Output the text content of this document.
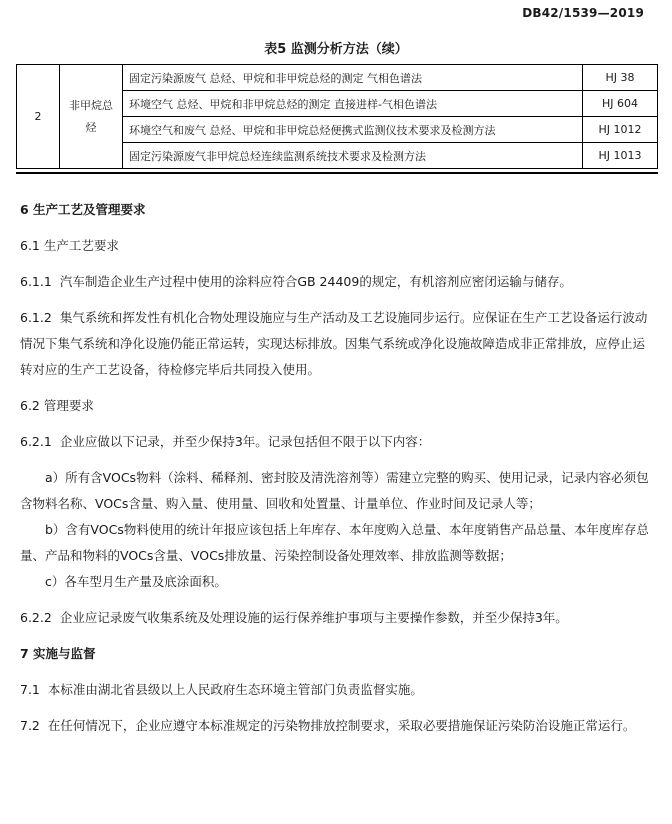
DB42/1539—2019
表5 监测分析方法（续）
2	非甲烷总烃	固定污染源废气 总烃、甲烷和非甲烷总烃的测定 气相色谱法	HJ 38
		环境空气 总烃、甲烷和非甲烷总烃的测定 直接进样-气相色谱法	HJ 604
		环境空气和废气 总烃、甲烷和非甲烷总烃便携式监测仪技术要求及检测方法	HJ 1012
		固定污染源废气非甲烷总烃连续监测系统技术要求及检测方法	HJ 1013

6 生产工艺及管理要求

6.1 生产工艺要求

6.1.1 汽车制造企业生产过程中使用的涂料应符合GB 24409的规定，有机溶剂应密闭运输与储存。

6.1.2 集气系统和挥发性有机化合物处理设施应与生产活动及工艺设施同步运行。应保证在生产工艺设备运行波动情况下集气系统和净化设施仍能正常运转，实现达标排放。因集气系统或净化设施故障造成非正常排放，应停止运转对应的生产工艺设备，待检修完毕后共同投入使用。

6.2 管理要求

6.2.1 企业应做以下记录，并至少保持3年。记录包括但不限于以下内容：

a）所有含VOCs物料（涂料、稀释剂、密封胶及清洗溶剂等）需建立完整的购买、使用记录，记录内容必须包含物料名称、VOCs含量、购入量、使用量、回收和处置量、计量单位、作业时间及记录人等；

b）含有VOCs物料使用的统计年报应该包括上年库存、本年度购入总量、本年度销售产品总量、本年度库存总量、产品和物料的VOCs含量、VOCs排放量、污染控制设备处理效率、排放监测等数据；

c）各车型月生产量及底涂面积。

6.2.2 企业应记录废气收集系统及处理设施的运行保养维护事项与主要操作参数，并至少保持3年。

7 实施与监督

7.1 本标准由湖北省县级以上人民政府生态环境主管部门负责监督实施。

7.2 在任何情况下，企业应遵守本标准规定的污染物排放控制要求，采取必要措施保证污染防治设施正常运行。
